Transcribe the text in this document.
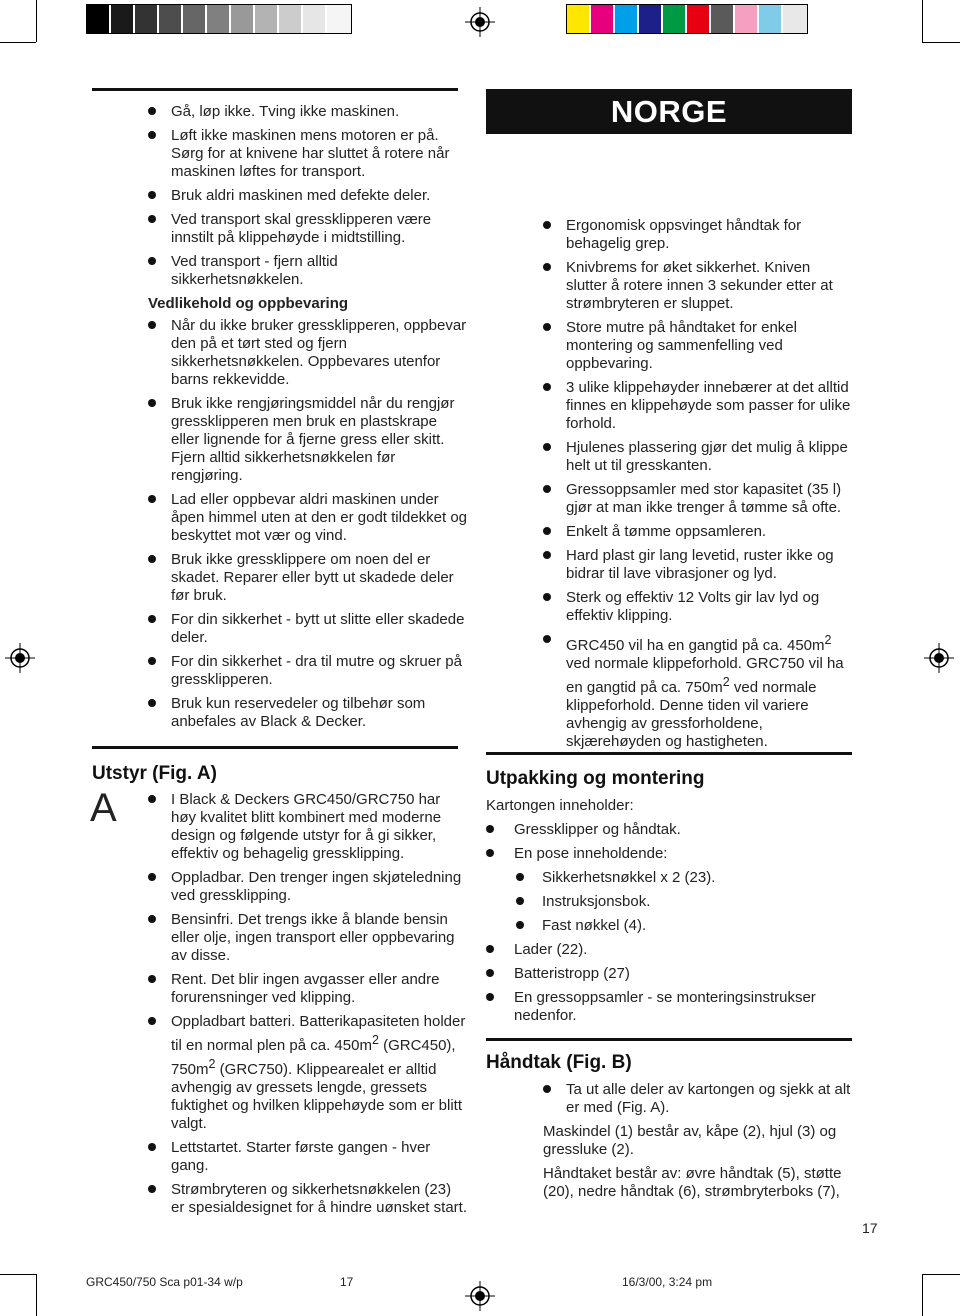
NORGE
Gå, løp ikke. Tving ikke maskinen.
Løft ikke maskinen mens motoren er på. Sørg for at knivene har sluttet å rotere når maskinen løftes for transport.
Bruk aldri maskinen med defekte deler.
Ved transport skal gressklipperen være innstilt på klippehøyde i midtstilling.
Ved transport - fjern alltid sikkerhetsnøkkelen.
Vedlikehold og oppbevaring
Når du ikke bruker gressklipperen, oppbevar den på et tørt sted og fjern sikkerhetsnøkkelen. Oppbevares utenfor barns rekkevidde.
Bruk ikke rengjøringsmiddel når du rengjør gressklipperen men bruk en plastskrape eller lignende for å fjerne gress eller skitt. Fjern alltid sikkerhetsnøkkelen før rengjøring.
Lad eller oppbevar aldri maskinen under åpen himmel uten at den er godt tildekket og beskyttet mot vær og vind.
Bruk ikke gressklippere om noen del er skadet. Reparer eller bytt ut skadede deler før bruk.
For din sikkerhet - bytt ut slitte eller skadede deler.
For din sikkerhet - dra til mutre og skruer på gressklipperen.
Bruk kun reservedeler og tilbehør som anbefales av Black & Decker.
Ergonomisk oppsvinget håndtak for behagelig grep.
Knivbrems for øket sikkerhet. Kniven slutter å rotere innen 3 sekunder etter at strømbryteren er sluppet.
Store mutre på håndtaket for enkel montering og sammenfelling ved oppbevaring.
3 ulike klippehøyder innebærer at det alltid finnes en klippehøyde som passer for ulike forhold.
Hjulenes plassering gjør det mulig å klippe helt ut til gresskanten.
Gressoppsamler med stor kapasitet (35 l) gjør at man ikke trenger å tømme så ofte.
Enkelt å tømme oppsamleren.
Hard plast gir lang levetid, ruster ikke og bidrar til lave vibrasjoner og lyd.
Sterk og effektiv 12 Volts gir lav lyd og effektiv klipping.
GRC450 vil ha en gangtid på ca. $450m^2$ ved normale klippeforhold. GRC750 vil ha en gangtid på ca. $750m^2$ ved normale klippeforhold. Denne tiden vil variere avhengig av gressforholdene, skjærehøyden og hastigheten.
Utstyr (Fig. A)
A	I Black & Deckers GRC450/GRC750 har høy kvalitet blitt kombinert med moderne design og følgende utstyr for å gi sikker, effektiv og behagelig gressklipping.
Oppladbar. Den trenger ingen skjøteledning ved gressklipping.
Bensinfri. Det trengs ikke å blande bensin eller olje, ingen transport eller oppbevaring av disse.
Rent. Det blir ingen avgasser eller andre forurensninger ved klipping.
Oppladbart batteri. Batterikapasiteten holder til en normal plen på ca. $450m^2$ (GRC450), $750m^2$ (GRC750). Klippearealet er alltid avhengig av gressets lengde, gressets fuktighet og hvilken klippehøyde som er blitt valgt.
Lettstartet. Starter første gangen - hver gang.
Strømbryteren og sikkerhetsnøkkelen (23) er spesialdesignet for å hindre uønsket start.
Utpakking og montering

Kartongen inneholder:

Gressklipper og håndtak.
En pose inneholdende:
Sikkerhetsnøkkel x 2 (23).
Instruksjonsbok.
Fast nøkkel (4).
Lader (22).
Batteristropp (27)
En gressoppsamler - se monteringsinstrukser nedenfor.
Håndtak (Fig. B)
Ta ut alle deler av kartongen og sjekk at alt er med (Fig. A).

Maskindel (1) består av, kåpe (2), hjul (3) og gressluke (2).

Håndtaket består av: øvre håndtak (5), støtte (20), nedre håndtak (6), strømbryterboks (7),

17
GRC450/750 Sca p01-34 w/p	17	16/3/00, 3:24 pm
